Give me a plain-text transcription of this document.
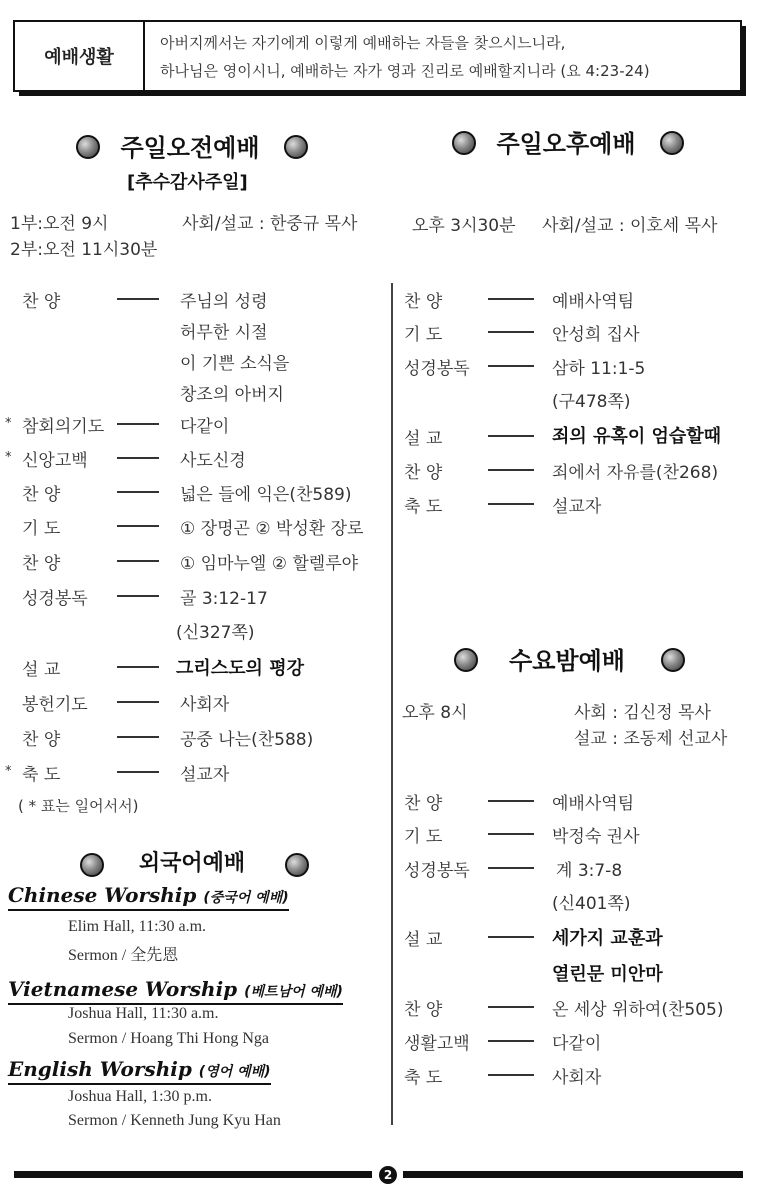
예배생활
아버지께서는 자기에게 이렇게 예배하는 자들을 찾으시느니라,
하나님은 영이시니, 예배하는 자가 영과 진리로 예배할지니라 (요 4:23-24)
주일오전예배
[추수감사주일]
1부:오전 9시	사회/설교 : 한중규 목사
2부:오전 11시30분
주일오후예배
오후 3시30분 사회/설교 : 이호세 목사
찬 양	주님의 성령
허무한 시절
이 기쁜 소식을
창조의 아버지
* 참회의기도	다같이
* 신앙고백	사도신경
찬 양	넓은 들에 익은(찬589)
기 도	① 장명곤 ② 박성환 장로
찬 양	① 임마누엘 ② 할렐루야
성경봉독	골 3:12-17
(신327쪽)
설 교	그리스도의 평강
봉헌기도	사회자
찬 양	공중 나는(찬588)
* 축 도	설교자
( * 표는 일어서서)
외국어예배
Chinese Worship (중국어 예배)
Elim Hall, 11:30 a.m.
Sermon / 全先恩
Vietnamese Worship (베트남어 예배)
Joshua Hall, 11:30 a.m.
Sermon / Hoang Thi Hong Nga
English Worship (영어 예배)
Joshua Hall, 1:30 p.m.
Sermon / Kenneth Jung Kyu Han
찬 양	예배사역팀
기 도	안성희 집사
성경봉독	삼하 11:1-5
(구478쪽)
설 교	죄의 유혹이 엄습할때
찬 양	죄에서 자유를(찬268)
축 도	설교자
수요밤예배
오후 8시	사회 : 김신정 목사
설교 : 조동제 선교사
찬 양	예배사역팀
기 도	박정숙 권사
성경봉독	계 3:7-8
(신401쪽)
설 교	세가지 교훈과
열린문 미안마
찬 양	온 세상 위하여(찬505)
생활고백	다같이
축 도	사회자
2
